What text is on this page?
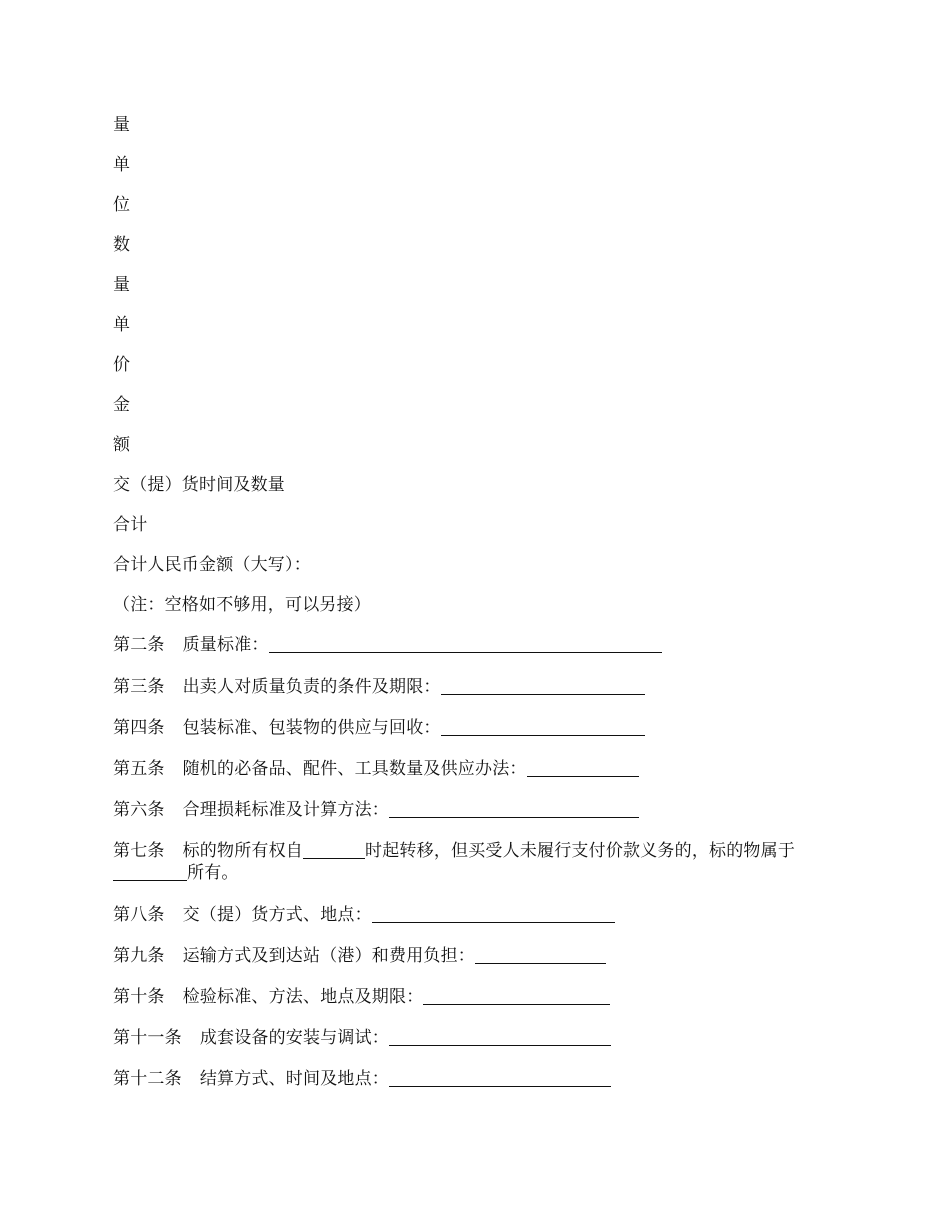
量
单
位
数
量
单
价
金
额
交（提）货时间及数量
合计
合计人民币金额（大写）：
（注：空格如不够用，可以另接）
第二条 质量标准：
第三条 出卖人对质量负责的条件及期限：
第四条 包装标准、包装物的供应与回收：
第五条 随机的必备品、配件、工具数量及供应办法：
第六条 合理损耗标准及计算方法：
第七条 标的物所有权自	时起转移，但买受人未履行支付价款义务的，标的物属于所有。
第八条 交（提）货方式、地点：
第九条 运输方式及到达站（港）和费用负担：
第十条 检验标准、方法、地点及期限：
第十一条 成套设备的安装与调试：
第十二条 结算方式、时间及地点：
